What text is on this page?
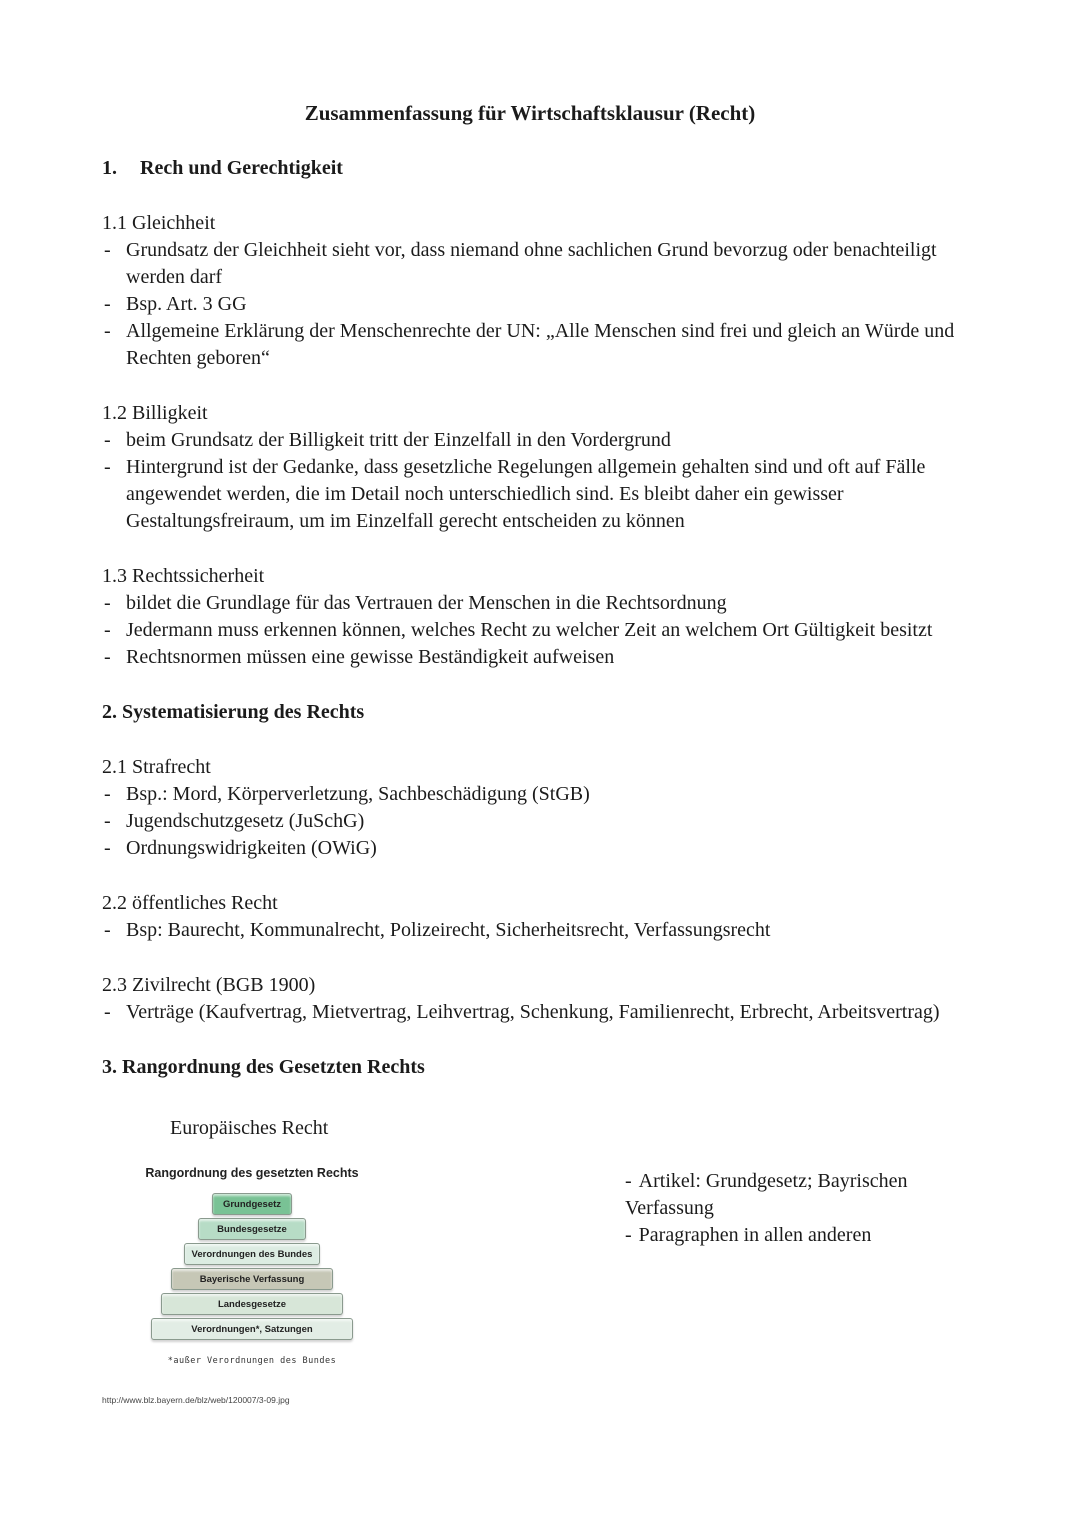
Zusammenfassung für Wirtschaftsklausur (Recht)
1. Rech und Gerechtigkeit
1.1 Gleichheit
- Grundsatz der Gleichheit sieht vor, dass niemand ohne sachlichen Grund bevorzug oder benachteiligt werden darf
- Bsp. Art. 3 GG
- Allgemeine Erklärung der Menschenrechte der UN: „Alle Menschen sind frei und gleich an Würde und Rechten geboren“
1.2 Billigkeit
- beim Grundsatz der Billigkeit tritt der Einzelfall in den Vordergrund
- Hintergrund ist der Gedanke, dass gesetzliche Regelungen allgemein gehalten sind und oft auf Fälle angewendet werden, die im Detail noch unterschiedlich sind. Es bleibt daher ein gewisser Gestaltungsfreiraum, um im Einzelfall gerecht entscheiden zu können
1.3 Rechtssicherheit
- bildet die Grundlage für das Vertrauen der Menschen in die Rechtsordnung
- Jedermann muss erkennen können, welches Recht zu welcher Zeit an welchem Ort Gültigkeit besitzt
- Rechtsnormen müssen eine gewisse Beständigkeit aufweisen
2. Systematisierung des Rechts
2.1 Strafrecht
- Bsp.: Mord, Körperverletzung, Sachbeschädigung (StGB)
- Jugendschutzgesetz (JuSchG)
- Ordnungswidrigkeiten (OWiG)
2.2 öffentliches Recht
- Bsp: Baurecht, Kommunalrecht, Polizeirecht, Sicherheitsrecht, Verfassungsrecht
2.3 Zivilrecht (BGB 1900)
- Verträge (Kaufvertrag, Mietvertrag, Leihvertrag, Schenkung, Familienrecht, Erbrecht, Arbeitsvertrag)
3. Rangordnung des Gesetzten Rechts
Europäisches Recht
Rangordnung des gesetzten Rechts
Grundgesetz
Bundesgesetze
Verordnungen des Bundes
Bayerische Verfassung
Landesgesetze
Verordnungen*, Satzungen
*außer Verordnungen des Bundes
http://www.blz.bayern.de/blz/web/120007/3-09.jpg
- Artikel: Grundgesetz; Bayrischen Verfassung
- Paragraphen in allen anderen
